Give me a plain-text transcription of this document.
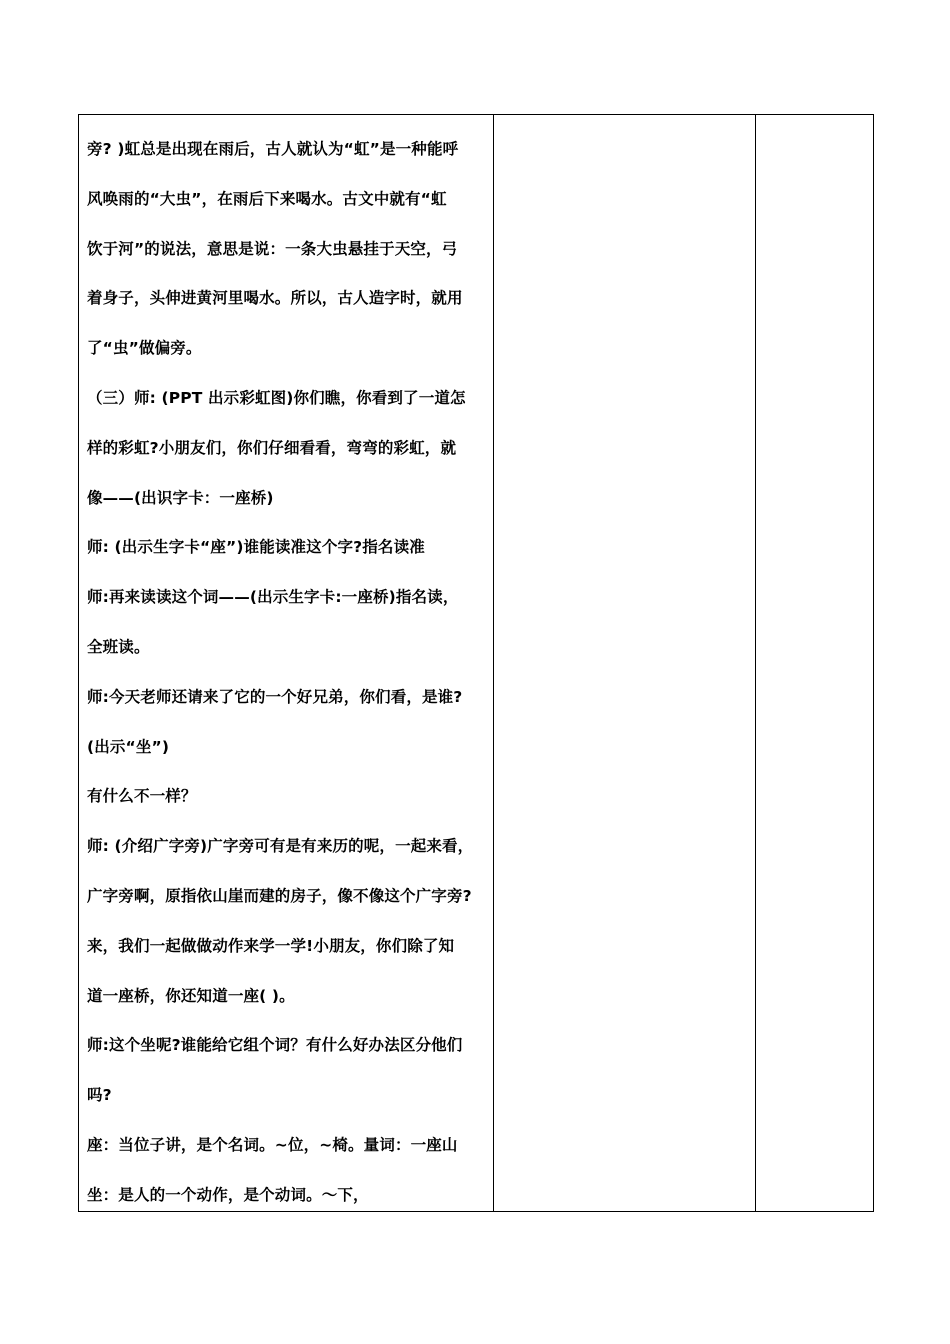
旁? )虹总是出现在雨后，古人就认为“虹”是一种能呼

风唤雨的“大虫”，在雨后下来喝水。古文中就有“虹

饮于河”的说法，意思是说：一条大虫悬挂于天空，弓

着身子，头伸进黄河里喝水。所以，古人造字时，就用

了“虫”做偏旁。

（三）师: (PPT 出示彩虹图)你们瞧，你看到了一道怎

样的彩虹?小朋友们，你们仔细看看，弯弯的彩虹，就

像——(出识字卡：一座桥)

师: (出示生字卡“座”)谁能读准这个字?指名读准

师:再来读读这个词——(出示生字卡:一座桥)指名读，

全班读。

师:今天老师还请来了它的一个好兄弟，你们看，是谁?

(出示“坐”)

有什么不一样？

师: (介绍广字旁)广字旁可有是有来历的呢，一起来看，

广字旁啊，原指依山崖而建的房子，像不像这个广字旁?

来，我们一起做做动作来学一学!小朋友，你们除了知

道一座桥，你还知道一座( )。

师:这个坐呢?谁能给它组个词？有什么好办法区分他们

吗?

座：当位子讲，是个名词。~位，~椅。量词：一座山

坐：是人的一个动作，是个动词。～下，
